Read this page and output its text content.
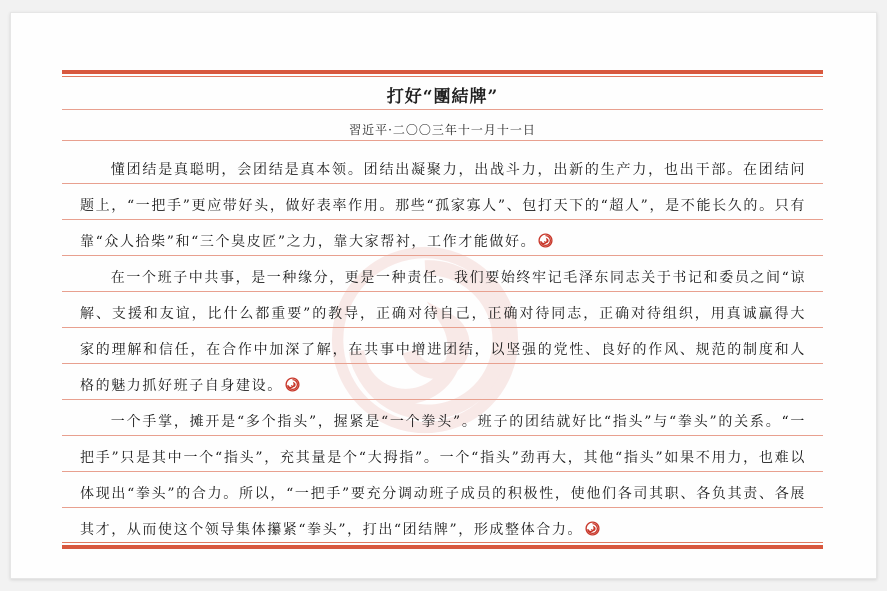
打好“團結牌”
習近平·二〇〇三年十一月十一日
懂团结是真聪明，会团结是真本领。团结出凝聚力，出战斗力，出新的生产力，也出干部。在团结问题上，“一把手”更应带好头，做好表率作用。那些“孤家寡人”、包打天下的“超人”，是不能长久的。只有靠“众人拾柴”和“三个臭皮匠”之力，靠大家帮衬，工作才能做好。
在一个班子中共事，是一种缘分，更是一种责任。我们要始终牢记毛泽东同志关于书记和委员之间“谅解、支援和友谊，比什么都重要”的教导，正确对待自己，正确对待同志，正确对待组织，用真诚赢得大家的理解和信任，在合作中加深了解，在共事中增进团结，以坚强的党性、良好的作风、规范的制度和人格的魅力抓好班子自身建设。
一个手掌，摊开是“多个指头”，握紧是“一个拳头”。班子的团结就好比“指头”与“拳头”的关系。“一把手”只是其中一个“指头”，充其量是个“大拇指”。一个“指头”劲再大，其他“指头”如果不用力，也难以体现出“拳头”的合力。所以，“一把手”要充分调动班子成员的积极性，使他们各司其职、各负其责、各展其才，从而使这个领导集体攥紧“拳头”，打出“团结牌”，形成整体合力。
